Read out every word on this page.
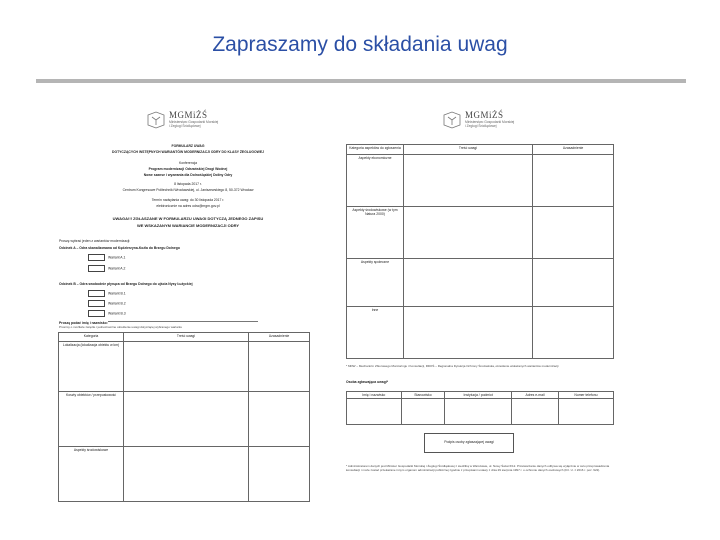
Zapraszamy do składania uwag
MGMiŻŚ
Ministerstwo Gospodarki Morskiej
i Żeglugi Śródlądowej
FORMULARZ UWAG
DOTYCZĄCYCH WSTĘPNYCH WARIANTÓW MODERNIZACJI ODRY DO KLASY ŻEGLUGOWEJ
Konferencja
Program modernizacji Odrzańskiej Drogi Wodnej
Nowe szanse i wyzwania dla Dolnośląskiej Doliny Odry
8 listopada 2017 r.
Centrum Kongresowe Politechniki Wrocławskiej, ul. Janiszewskiego 8, 50-372 Wrocław
Termin nadsyłania uwag: do 30 listopada 2017 r.
elektronicznie na adres odra@mgm.gov.pl
UWAGA!!! ZGŁASZANE W FORMULARZU UWAGI DOTYCZĄ JEDNEGO ZAPISU
WE WSKAZANYM WARIANCIE MODERNIZACJI ODRY
Proszę wybrać jeden z wariantów modernizacji:
Odcinek A – Odra skanalizowana od Kędzierzyna-Koźla do Brzegu Dolnego
Wariant A.1
Wariant A.2
Odcinek B – Odra swobodnie płynąca od Brzegu Dolnego do ujścia Nysy Łużyckiej
Wariant B.1
Wariant B.2
Wariant B.3
Proszę podać imię i nazwisko:
Prosimy o możliwie zwięzłe i jednoznaczne określenie uwagi dotyczącej wybranego wariantu
Kategoria	Treść uwagi	Uzasadnienie
Lokalizacja (lokalizacja obiektu w km)		
Koszty obiektów / przepustowość		
Aspekty środowiskowe		
MGMiŻŚ
Ministerstwo Gospodarki Morskiej
i Żeglugi Śródlądowej
Kategoria aspektów do zgłoszenia	Treść uwagi	Uzasadnienie
Aspekty ekonomiczne		
Aspekty środowiskowe (w tym Natura 2000)		
Aspekty społeczne		
Inne		
* MDW – Mechanizm Zbiorowego Monitoringu i Konsultacji, RDOŚ – Regionalna Dyrekcja Ochrony Środowiska, określenie wskazanych wariantów modernizacji
Osoba zgłaszająca uwagi*
Imię i nazwisko	Stanowisko	Instytucja / podmiot	Adres e-mail	Numer telefonu

Podpis osoby zgłaszającej uwagi
* Administratorem danych jest Minister Gospodarki Morskiej i Żeglugi Śródlądowej z siedzibą w Warszawie, ul. Nowy Świat 6/12. Przetwarzanie danych odbywa się wyłącznie w celu przeprowadzenia konsultacji i może zostać przekazane innym organom administracji publicznej zgodnie z przepisami ustawy z dnia 29 sierpnia 1997 r. o ochronie danych osobowych (Dz. U. z 2016 r. poz. 922).
